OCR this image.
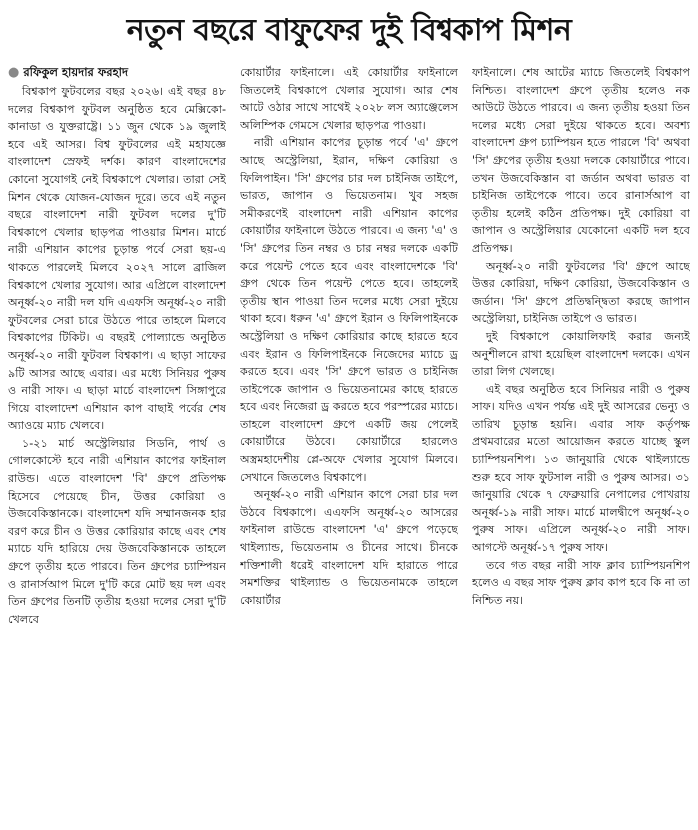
নতুন বছরে বাফুফের দুই বিশ্বকাপ মিশন
● রফিকুল হায়দার ফরহাদ

বিশ্বকাপ ফুটবলের বছর ২০২৬। এই বছর ৪৮ দলের বিশ্বকাপ ফুটবল অনুষ্ঠিত হবে মেক্সিকো-কানাডা ও যুক্তরাষ্ট্রে। ১১ জুন থেকে ১৯ জুলাই হবে এই আসর। বিশ্ব ফুটবলের এই মহাযজ্ঞে বাংলাদেশ স্রেফই দর্শক। কারণ বাংলাদেশের কোনো সুযোগই নেই বিশ্বকাপে খেলার। তারা সেই মিশন থেকে যোজন-যোজন দূরে। তবে এই নতুন বছরে বাংলাদেশ নারী ফুটবল দলের দু'টি বিশ্বকাপে খেলার ছাড়পত্র পাওয়ার মিশন। মার্চে নারী এশিয়ান কাপের চূড়ান্ত পর্বে সেরা ছয়-এ থাকতে পারলেই মিলবে ২০২৭ সালে ব্রাজিল বিশ্বকাপে খেলার সুযোগ। আর এপ্রিলে বাংলাদেশ অনূর্ধ্ব-২০ নারী দল যদি এএফসি অনূর্ধ্ব-২০ নারী ফুটবলের সেরা চারে উঠতে পারে তাহলে মিলবে বিশ্বকাপের টিকিট। এ বছরই পোল্যান্ডে অনুষ্ঠিত অনূর্ধ্ব-২০ নারী ফুটবল বিশ্বকাপ। এ ছাড়া সাফের ৯টি আসর আছে এবার। এর মধ্যে সিনিয়র পুরুষ ও নারী সাফ। এ ছাড়া মার্চে বাংলাদেশ সিঙ্গাপুরে গিয়ে বাংলাদেশ এশিয়ান কাপ বাছাই পর্বের শেষ অ্যাওয়ে ম্যাচ খেলবে।

১-২১ মার্চ অস্ট্রেলিয়ার সিডনি, পার্থ ও গোলকোস্টে হবে নারী এশিয়ান কাপের ফাইনাল রাউন্ড। এতে বাংলাদেশ 'বি' গ্রুপে প্রতিপক্ষ হিসেবে পেয়েছে চীন, উত্তর কোরিয়া ও উজবেকিস্তানকে। বাংলাদেশ যদি সম্মানজনক হার বরণ করে চীন ও উত্তর কোরিয়ার কাছে এবং শেষ ম্যাচে যদি হারিয়ে দেয় উজবেকিস্তানকে তাহলে গ্রুপে তৃতীয় হতে পারবে। তিন গ্রুপের চ্যাম্পিয়ন ও রানার্সআপ মিলে দু'টি করে মোট ছয় দল এবং তিন গ্রুপের তিনটি তৃতীয় হওয়া দলের সেরা দু'টি খেলবে

কোয়ার্টার ফাইনালে। এই কোয়ার্টার ফাইনালে জিতলেই বিশ্বকাপে খেলার সুযোগ। আর শেষ আটে ওঠার সাথে সাথেই ২০২৮ লস অ্যাঞ্জেলেস অলিম্পিক গেমসে খেলার ছাড়পত্র পাওয়া।

নারী এশিয়ান কাপের চূড়ান্ত পর্বে 'এ' গ্রুপে আছে অস্ট্রেলিয়া, ইরান, দক্ষিণ কোরিয়া ও ফিলিপাইন। 'সি' গ্রুপের চার দল চাইনিজ তাইপে, ভারত, জাপান ও ভিয়েতনাম। খুব সহজ সমীকরণেই বাংলাদেশ নারী এশিয়ান কাপের কোয়ার্টার ফাইনালে উঠতে পারবে। এ জন্য 'এ' ও 'সি' গ্রুপের তিন নম্বর ও চার নম্বর দলকে একটি করে পয়েন্ট পেতে হবে এবং বাংলাদেশকে 'বি' গ্রুপ থেকে তিন পয়েন্ট পেতে হবে। তাহলেই তৃতীয় স্থান পাওয়া তিন দলের মধ্যে সেরা দুইয়ে থাকা হবে। ধরুন 'এ' গ্রুপে ইরান ও ফিলিপাইনকে অস্ট্রেলিয়া ও দক্ষিণ কোরিয়ার কাছে হারতে হবে এবং ইরান ও ফিলিপাইনকে নিজেদের ম্যাচে ড্র করতে হবে। এবং 'সি' গ্রুপে ভারত ও চাইনিজ তাইপেকে জাপান ও ভিয়েতনামের কাছে হারতে হবে এবং নিজেরা ড্র করতে হবে পরস্পরের ম্যাচে। তাহলে বাংলাদেশ গ্রুপে একটি জয় পেলেই কোয়ার্টারে উঠবে। কোয়ার্টারে হারলেও অস্ত্রমহাদেশীয় প্লে-অফে খেলার সুযোগ মিলবে। সেখানে জিতলেও বিশ্বকাপে।

অনূর্ধ্ব-২০ নারী এশিয়ান কাপে সেরা চার দল উঠবে বিশ্বকাপে। এএফসি অনূর্ধ্ব-২০ আসরের ফাইনাল রাউন্ডে বাংলাদেশ 'এ' গ্রুপে পড়েছে থাইল্যান্ড, ভিয়েতনাম ও চীনের সাথে। চীনকে শক্তিশালী ধরেই বাংলাদেশ যদি হারাতে পারে সমশক্তির থাইল্যান্ড ও ভিয়েতনামকে তাহলে কোয়ার্টার

ফাইনালে। শেষ আটের ম্যাচে জিতলেই বিশ্বকাপ নিশ্চিত। বাংলাদেশ গ্রুপে তৃতীয় হলেও নক আউটে উঠতে পারবে। এ জন্য তৃতীয় হওয়া তিন দলের মধ্যে সেরা দুইয়ে থাকতে হবে। অবশ্য বাংলাদেশ গ্রুপ চ্যাম্পিয়ন হতে পারলে 'বি' অথবা 'সি' গ্রুপের তৃতীয় হওয়া দলকে কোয়ার্টারে পাবে। তখন উজবেকিস্তান বা জর্ডান অথবা ভারত বা চাইনিজ তাইপেকে পাবে। তবে রানার্সআপ বা তৃতীয় হলেই কঠিন প্রতিপক্ষ। দুই কোরিয়া বা জাপান ও অস্ট্রেলিয়ার যেকোনো একটি দল হবে প্রতিপক্ষ।

অনূর্ধ্ব-২০ নারী ফুটবলের 'বি' গ্রুপে আছে উত্তর কোরিয়া, দক্ষিণ কোরিয়া, উজবেকিস্তান ও জর্ডান। 'সি' গ্রুপে প্রতিদ্বন্দ্বিতা করছে জাপান অস্ট্রেলিয়া, চাইনিজ তাইপে ও ভারত।

দুই বিশ্বকাপে কোয়ালিফাই করার জন্যই অনুশীলনে রাখা হয়েছিল বাংলাদেশ দলকে। এখন তারা লিগ খেলছে।

এই বছর অনুষ্ঠিত হবে সিনিয়র নারী ও পুরুষ সাফ। যদিও এখন পর্যন্ত এই দুই আসরের ভেন্যু ও তারিখ চূড়ান্ত হয়নি। এবার সাফ কর্তৃপক্ষ প্রথমবারের মতো আয়োজন করতে যাচ্ছে স্কুল চ্যাম্পিয়নশিপ। ১৩ জানুয়ারি থেকে থাইল্যান্ডে শুরু হবে সাফ ফুটসাল নারী ও পুরুষ আসর। ৩১ জানুয়ারি থেকে ৭ ফেব্রুয়ারি নেপালের পোখরায় অনূর্ধ্ব-১৯ নারী সাফ। মার্চে মালদ্বীপে অনূর্ধ্ব-২০ পুরুষ সাফ। এপ্রিলে অনূর্ধ্ব-২০ নারী সাফ। আগস্টে অনূর্ধ্ব-১৭ পুরুষ সাফ।

তবে গত বছর নারী সাফ ক্লাব চ্যাম্পিয়নশিপ হলেও এ বছর সাফ পুরুষ ক্লাব কাপ হবে কি না তা নিশ্চিত নয়।
